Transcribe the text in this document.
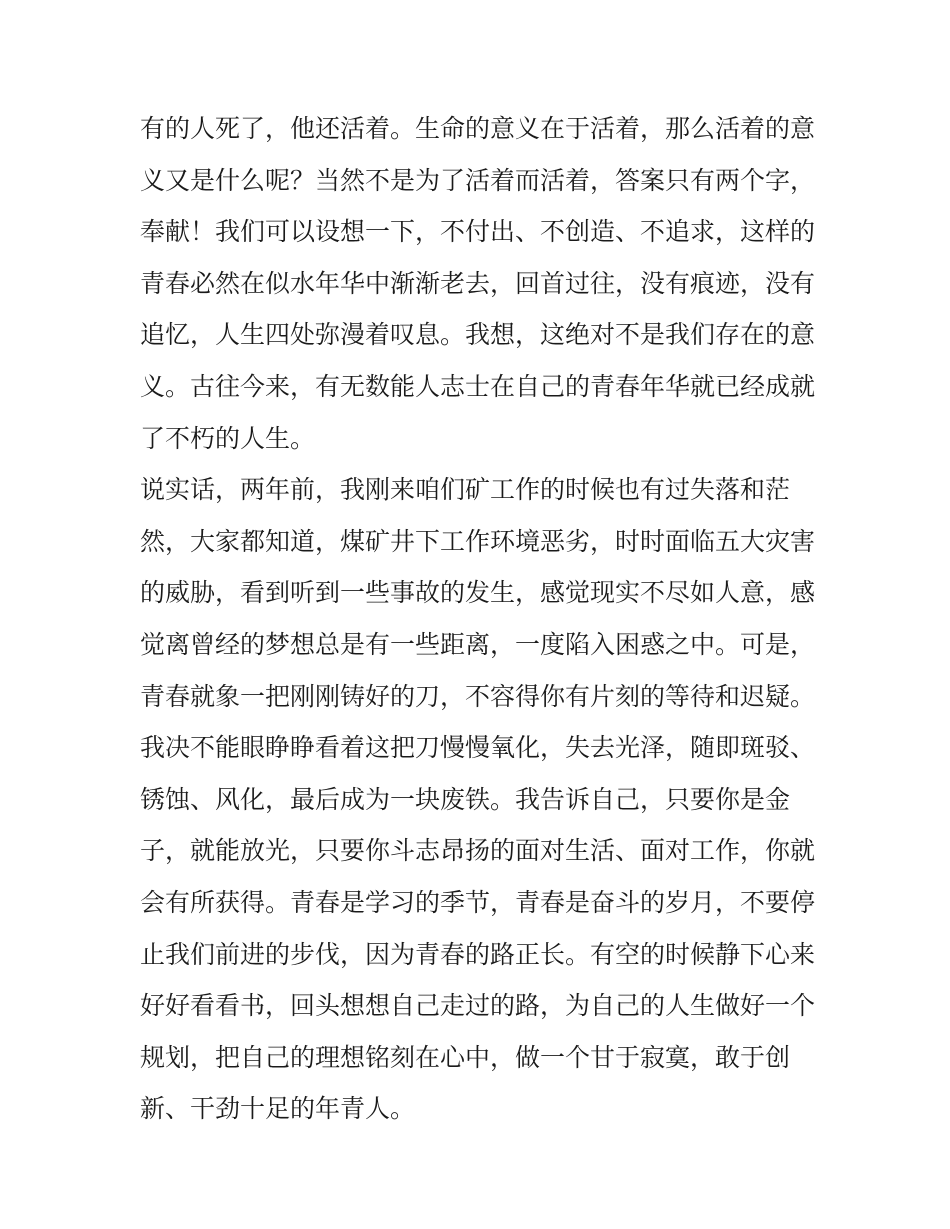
有的人死了，他还活着。生命的意义在于活着，那么活着的意
义又是什么呢？当然不是为了活着而活着，答案只有两个字，
奉献！我们可以设想一下，不付出、不创造、不追求，这样的
青春必然在似水年华中渐渐老去，回首过往，没有痕迹，没有
追忆，人生四处弥漫着叹息。我想，这绝对不是我们存在的意
义。古往今来，有无数能人志士在自己的青春年华就已经成就
了不朽的人生。
说实话，两年前，我刚来咱们矿工作的时候也有过失落和茫
然，大家都知道，煤矿井下工作环境恶劣，时时面临五大灾害
的威胁，看到听到一些事故的发生，感觉现实不尽如人意，感
觉离曾经的梦想总是有一些距离，一度陷入困惑之中。可是，
青春就象一把刚刚铸好的刀，不容得你有片刻的等待和迟疑。
我决不能眼睁睁看着这把刀慢慢氧化，失去光泽，随即斑驳、
锈蚀、风化，最后成为一块废铁。我告诉自己，只要你是金
子，就能放光，只要你斗志昂扬的面对生活、面对工作，你就
会有所获得。青春是学习的季节，青春是奋斗的岁月，不要停
止我们前进的步伐，因为青春的路正长。有空的时候静下心来
好好看看书，回头想想自己走过的路，为自己的人生做好一个
规划，把自己的理想铭刻在心中，做一个甘于寂寞，敢于创
新、干劲十足的年青人。
